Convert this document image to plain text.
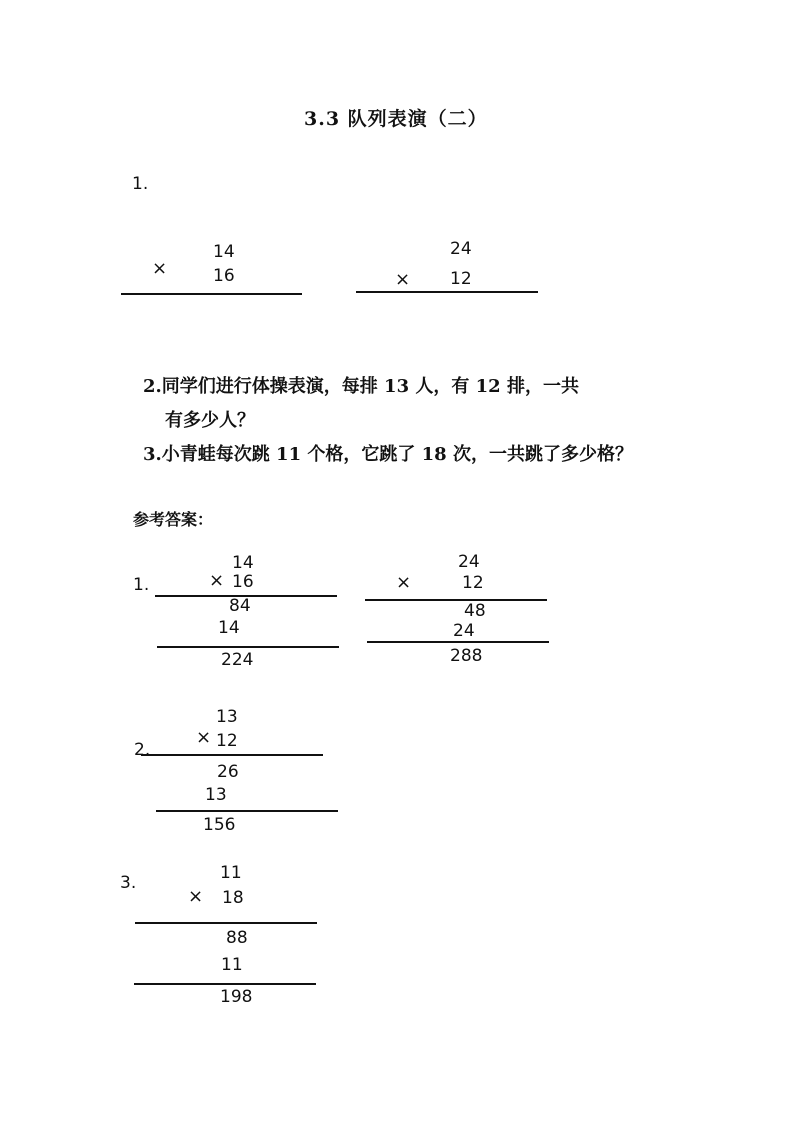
3.3 队列表演（二）
1.
14
×	16
24
× 12
2.同学们进行体操表演，每排 13 人，有 12 排，一共
有多少人？
3.小青蛙每次跳 11 个格，它跳了 18 次，一共跳了多少格？
参考答案：
1.
14
× 16
84
14
224
24
×	12
48
24
288
2.
13
× 12
26
13
156
3.	11
× 18
88
11
198
